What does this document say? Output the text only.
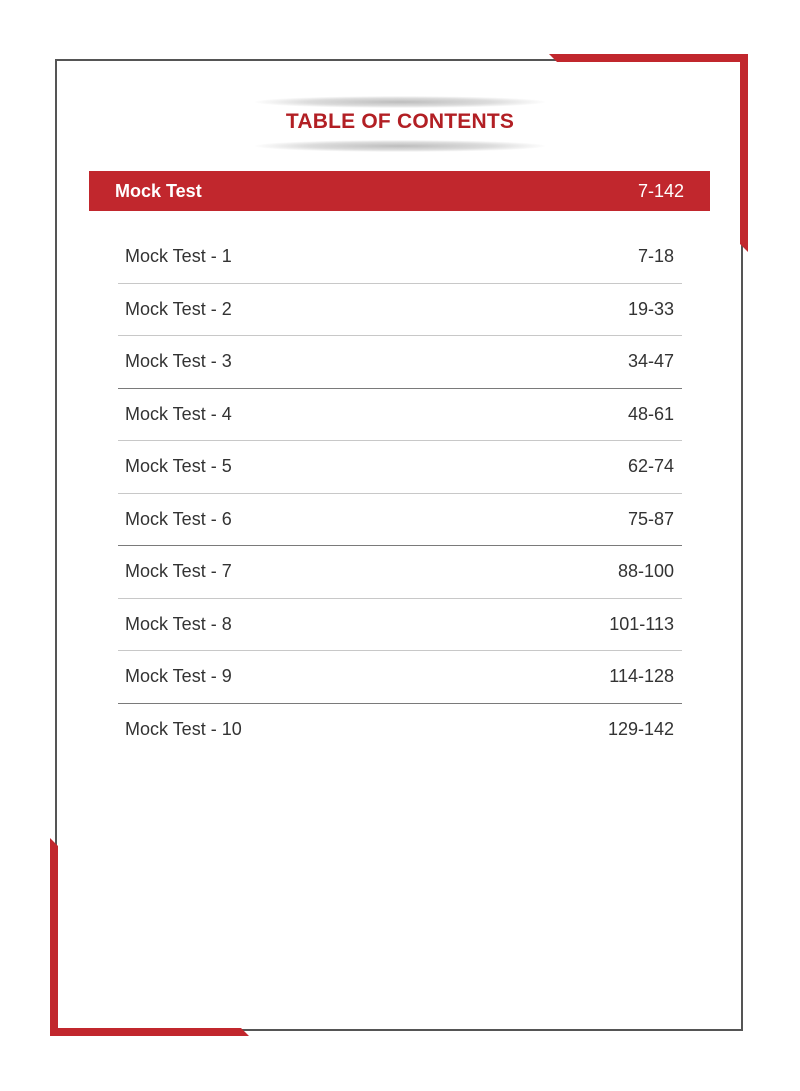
TABLE OF CONTENTS
Mock Test	7-142
Mock Test - 1	7-18
Mock Test - 2	19-33
Mock Test - 3	34-47
Mock Test - 4	48-61
Mock Test - 5	62-74
Mock Test - 6	75-87
Mock Test - 7	88-100
Mock Test - 8	101-113
Mock Test - 9	114-128
Mock Test - 10	129-142
